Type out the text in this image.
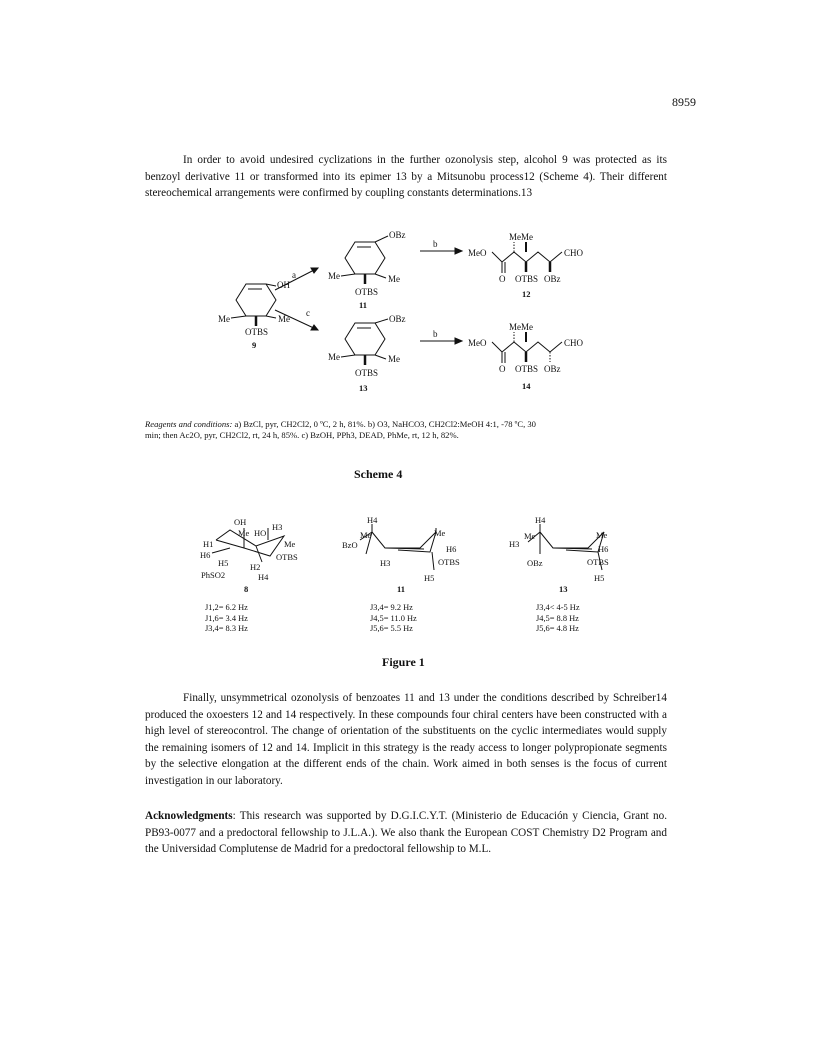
8959

In order to avoid undesired cyclizations in the further ozonolysis step, alcohol 9 was protected as its benzoyl derivative 11 or transformed into its epimer 13 by a Mitsunobu process12 (Scheme 4). Their different stereochemical arrangements were confirmed by coupling constants determinations.13

OH
Me	Me
OTBS
9
a
c
b
b
OBz
Me	Me
OTBS
11
OBz
Me	Me
OTBS
13
MeO
Me Me
CHO
O OTBS OBz
12
MeO
Me Me
CHO
O OTBS OBz
14
OH	H3
Me HO
H1	Me
H6	OTBS
H5	H2
PhSO2	H4
8
H4
Me	Me
BzO	H6
H3	OTBS
H5
11
H4
Me	Me
H3	H6
OBz	OTBS
H5
13
Reagents and conditions: a) BzCl, pyr, CH2Cl2, 0 ºC, 2 h, 81%. b) O3, NaHCO3, CH2Cl2:MeOH 4:1, -78 ºC, 30 min; then Ac2O, pyr, CH2Cl2, rt, 24 h, 85%. c) BzOH, PPh3, DEAD, PhMe, rt, 12 h, 82%.
Scheme 4
J1,2= 6.2 Hz
J1,6= 3.4 Hz
J3,4= 8.3 Hz
J3,4= 9.2 Hz
J4,5= 11.0 Hz
J5,6= 5.5 Hz
J3,4< 4-5 Hz
J4,5= 8.8 Hz
J5,6= 4.8 Hz
Figure 1

Finally, unsymmetrical ozonolysis of benzoates 11 and 13 under the conditions described by Schreiber14 produced the oxoesters 12 and 14 respectively. In these compounds four chiral centers have been constructed with a high level of stereocontrol. The change of orientation of the substituents on the cyclic intermediates would supply the remaining isomers of 12 and 14. Implicit in this strategy is the ready access to longer polypropionate segments by the selective elongation at the different ends of the chain. Work aimed in both senses is the focus of current investigation in our laboratory.

Acknowledgments: This research was supported by D.G.I.C.Y.T. (Ministerio de Educación y Ciencia, Grant no. PB93-0077 and a predoctoral fellowship to J.L.A.). We also thank the European COST Chemistry D2 Program and the Universidad Complutense de Madrid for a predoctoral fellowship to M.L.
